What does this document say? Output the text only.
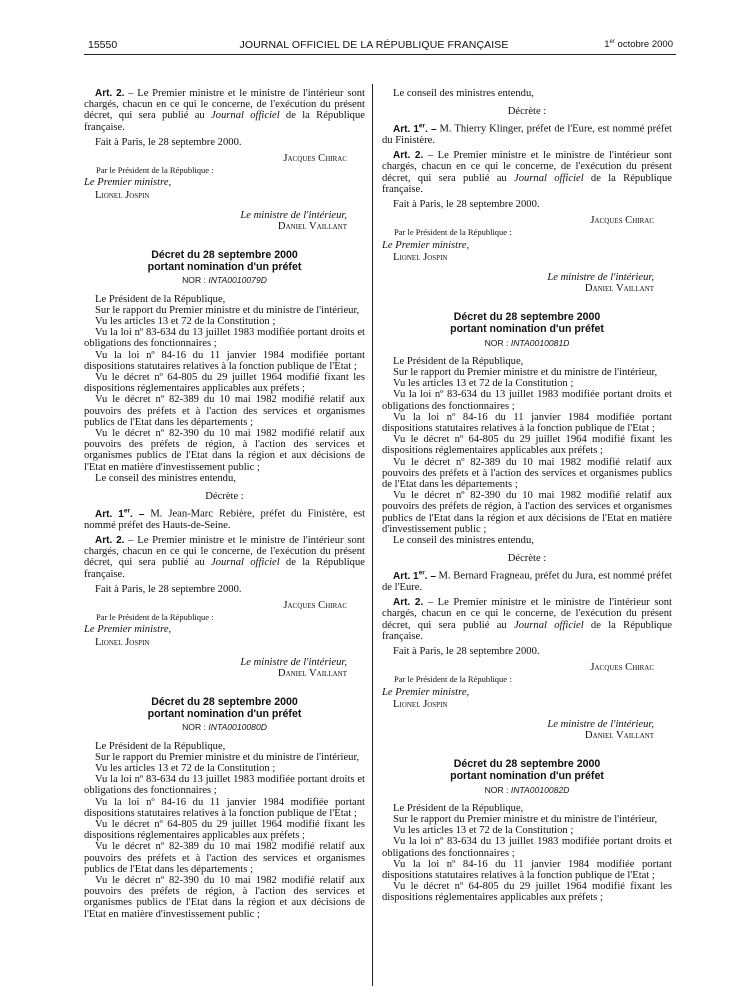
15550	JOURNAL OFFICIEL DE LA RÉPUBLIQUE FRANÇAISE	1er octobre 2000

Art. 2. – Le Premier ministre et le ministre de l'intérieur sont chargés, chacun en ce qui le concerne, de l'exécution du présent décret, qui sera publié au Journal officiel de la République française.

Fait à Paris, le 28 septembre 2000.

Jacques Chirac
Par le Président de la République :
Le Premier ministre,
Lionel Jospin
Le ministre de l'intérieur,
Daniel Vaillant
Décret du 28 septembre 2000
portant nomination d'un préfet
NOR : INTA0010079D

Le Président de la République,

Sur le rapport du Premier ministre et du ministre de l'intérieur,

Vu les articles 13 et 72 de la Constitution ;

Vu la loi nº 83-634 du 13 juillet 1983 modifiée portant droits et obligations des fonctionnaires ;

Vu la loi nº 84-16 du 11 janvier 1984 modifiée portant dispositions statutaires relatives à la fonction publique de l'Etat ;

Vu le décret nº 64-805 du 29 juillet 1964 modifié fixant les dispositions réglementaires applicables aux préfets ;

Vu le décret nº 82-389 du 10 mai 1982 modifié relatif aux pouvoirs des préfets et à l'action des services et organismes publics de l'Etat dans les départements ;

Vu le décret nº 82-390 du 10 mai 1982 modifié relatif aux pouvoirs des préfets de région, à l'action des services et organismes publics de l'Etat dans la région et aux décisions de l'Etat en matière d'investissement public ;

Le conseil des ministres entendu,

Décrète :

Art. 1er. – M. Jean-Marc Rebière, préfet du Finistère, est nommé préfet des Hauts-de-Seine.

Art. 2. – Le Premier ministre et le ministre de l'intérieur sont chargés, chacun en ce qui le concerne, de l'exécution du présent décret, qui sera publié au Journal officiel de la République française.

Fait à Paris, le 28 septembre 2000.

Jacques Chirac
Par le Président de la République :
Le Premier ministre,
Lionel Jospin
Le ministre de l'intérieur,
Daniel Vaillant
Décret du 28 septembre 2000
portant nomination d'un préfet
NOR : INTA0010080D

Le Président de la République,

Sur le rapport du Premier ministre et du ministre de l'intérieur,

Vu les articles 13 et 72 de la Constitution ;

Vu la loi nº 83-634 du 13 juillet 1983 modifiée portant droits et obligations des fonctionnaires ;

Vu la loi nº 84-16 du 11 janvier 1984 modifiée portant dispositions statutaires relatives à la fonction publique de l'Etat ;

Vu le décret nº 64-805 du 29 juillet 1964 modifié fixant les dispositions réglementaires applicables aux préfets ;

Vu le décret nº 82-389 du 10 mai 1982 modifié relatif aux pouvoirs des préfets et à l'action des services et organismes publics de l'Etat dans les départements ;

Vu le décret nº 82-390 du 10 mai 1982 modifié relatif aux pouvoirs des préfets de région, à l'action des services et organismes publics de l'Etat dans la région et aux décisions de l'Etat en matière d'investissement public ;

Le conseil des ministres entendu,

Décrète :

Art. 1er. – M. Thierry Klinger, préfet de l'Eure, est nommé préfet du Finistère.

Art. 2. – Le Premier ministre et le ministre de l'intérieur sont chargés, chacun en ce qui le concerne, de l'exécution du présent décret, qui sera publié au Journal officiel de la République française.

Fait à Paris, le 28 septembre 2000.

Jacques Chirac
Par le Président de la République :
Le Premier ministre,
Lionel Jospin
Le ministre de l'intérieur,
Daniel Vaillant
Décret du 28 septembre 2000
portant nomination d'un préfet
NOR : INTA0010081D

Le Président de la République,

Sur le rapport du Premier ministre et du ministre de l'intérieur,

Vu les articles 13 et 72 de la Constitution ;

Vu la loi nº 83-634 du 13 juillet 1983 modifiée portant droits et obligations des fonctionnaires ;

Vu la loi nº 84-16 du 11 janvier 1984 modifiée portant dispositions statutaires relatives à la fonction publique de l'Etat ;

Vu le décret nº 64-805 du 29 juillet 1964 modifié fixant les dispositions réglementaires applicables aux préfets ;

Vu le décret nº 82-389 du 10 mai 1982 modifié relatif aux pouvoirs des préfets et à l'action des services et organismes publics de l'Etat dans les départements ;

Vu le décret nº 82-390 du 10 mai 1982 modifié relatif aux pouvoirs des préfets de région, à l'action des services et organismes publics de l'Etat dans la région et aux décisions de l'Etat en matière d'investissement public ;

Le conseil des ministres entendu,

Décrète :

Art. 1er. – M. Bernard Fragneau, préfet du Jura, est nommé préfet de l'Eure.

Art. 2. – Le Premier ministre et le ministre de l'intérieur sont chargés, chacun en ce qui le concerne, de l'exécution du présent décret, qui sera publié au Journal officiel de la République française.

Fait à Paris, le 28 septembre 2000.

Jacques Chirac
Par le Président de la République :
Le Premier ministre,
Lionel Jospin
Le ministre de l'intérieur,
Daniel Vaillant
Décret du 28 septembre 2000
portant nomination d'un préfet
NOR : INTA0010082D

Le Président de la République,

Sur le rapport du Premier ministre et du ministre de l'intérieur,

Vu les articles 13 et 72 de la Constitution ;

Vu la loi nº 83-634 du 13 juillet 1983 modifiée portant droits et obligations des fonctionnaires ;

Vu la loi nº 84-16 du 11 janvier 1984 modifiée portant dispositions statutaires relatives à la fonction publique de l'Etat ;

Vu le décret nº 64-805 du 29 juillet 1964 modifié fixant les dispositions réglementaires applicables aux préfets ;
